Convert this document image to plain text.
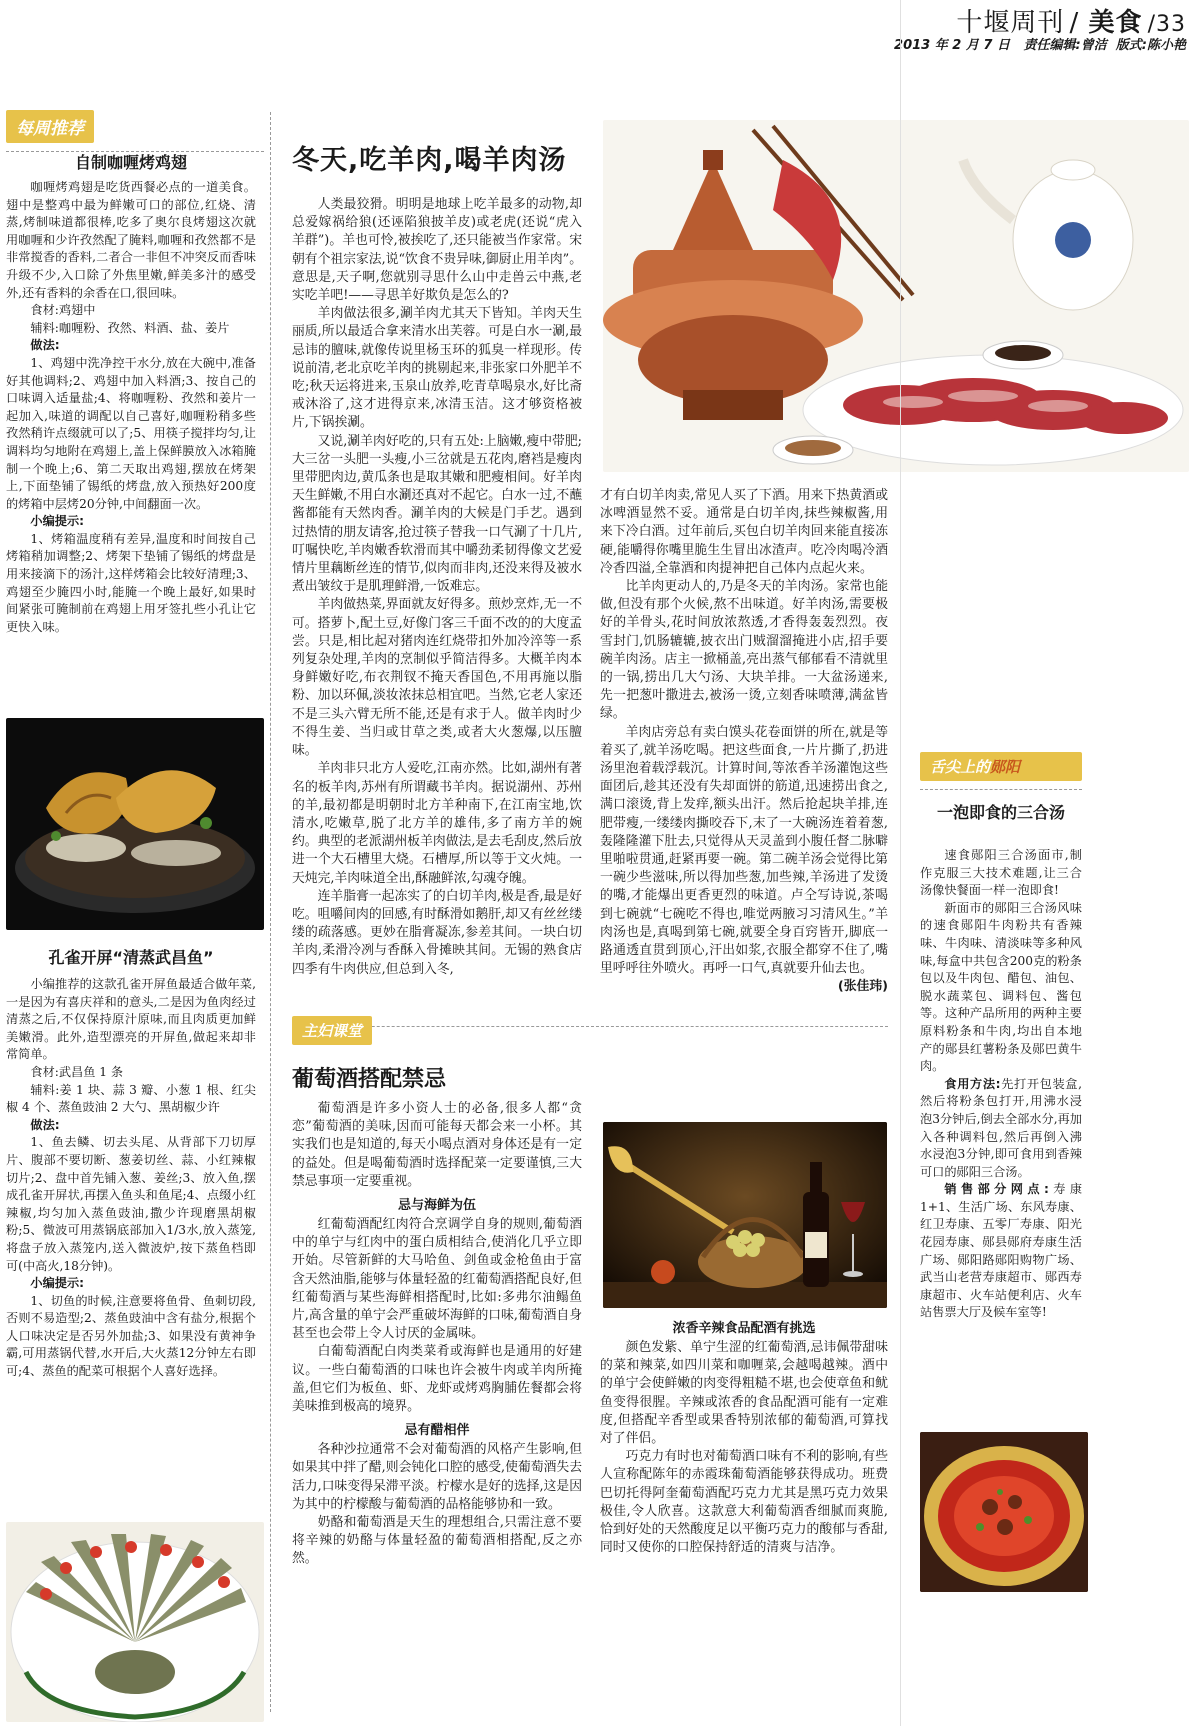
十堰周刊 / 美食 /33
2013 年 2 月 7 日 责任编辑:曾洁 版式:陈小艳
每周推荐
自制咖喱烤鸡翅

咖喱烤鸡翅是吃货西餐必点的一道美食。翅中是整鸡中最为鲜嫩可口的部位,红烧、清蒸,烤制味道都很棒,吃多了奥尔良烤翅这次就用咖喱和少许孜然配了腌料,咖喱和孜然都不是非常搅香的香料,二者合一非但不冲突反而香味升级不少,入口除了外焦里嫩,鲜美多汁的感受外,还有香料的余香在口,很回味。

食材:鸡翅中

辅料:咖喱粉、孜然、料酒、盐、姜片

做法:

1、鸡翅中洗净控干水分,放在大碗中,准备好其他调料;2、鸡翅中加入料酒;3、按自己的口味调入适量盐;4、将咖喱粉、孜然和姜片一起加入,味道的调配以自己喜好,咖喱粉稍多些孜然稍许点缀就可以了;5、用筷子搅拌均匀,让调料均匀地附在鸡翅上,盖上保鲜膜放入冰箱腌制一个晚上;6、第二天取出鸡翅,摆放在烤架上,下面垫铺了锡纸的烤盘,放入预热好200度的烤箱中层烤20分钟,中间翻面一次。

小编提示:

1、烤箱温度稍有差异,温度和时间按自己烤箱稍加调整;2、烤架下垫铺了锡纸的烤盘是用来接滴下的汤汁,这样烤箱会比较好清理;3、鸡翅至少腌四小时,能腌一个晚上最好,如果时间紧张可腌制前在鸡翅上用牙签扎些小孔让它更快入味。

孔雀开屏“清蒸武昌鱼”

小编推荐的这款孔雀开屏鱼最适合做年菜,一是因为有喜庆祥和的意头,二是因为鱼肉经过清蒸之后,不仅保持原汁原味,而且肉质更加鲜美嫩滑。此外,造型漂亮的开屏鱼,做起来却非常简单。

食材:武昌鱼 1 条

辅料:姜 1 块、蒜 3 瓣、小葱 1 根、红尖椒 4 个、蒸鱼豉油 2 大勺、黑胡椒少许

做法:

1、鱼去鳞、切去头尾、从背部下刀切厚片、腹部不要切断、葱姜切丝、蒜、小红辣椒切片;2、盘中首先铺入葱、姜丝;3、放入鱼,摆成孔雀开屏状,再摆入鱼头和鱼尾;4、点缀小红辣椒,均匀加入蒸鱼豉油,撒少许现磨黑胡椒粉;5、微波可用蒸锅底部加入1/3水,放入蒸笼,将盘子放入蒸笼内,送入微波炉,按下蒸鱼档即可(中高火,18分钟)。

小编提示:

1、切鱼的时候,注意要将鱼骨、鱼刺切段,否则不易造型;2、蒸鱼豉油中含有盐分,根据个人口味决定是否另外加盐;3、如果没有黄神争霸,可用蒸锅代替,水开后,大火蒸12分钟左右即可;4、蒸鱼的配菜可根据个人喜好选择。

冬天,吃羊肉,喝羊肉汤

人类最狡猾。明明是地球上吃羊最多的动物,却总爱嫁祸给狼(还诬陷狼披羊皮)或老虎(还说“虎入羊群”)。羊也可怜,被挨吃了,还只能被当作家常。宋朝有个祖宗家法,说“饮食不贵异味,御厨止用羊肉”。意思是,天子啊,您就别寻思什么山中走兽云中燕,老实吃羊吧!——寻思羊好欺负是怎么的?

羊肉做法很多,涮羊肉尤其天下皆知。羊肉天生丽质,所以最适合拿来清水出芙蓉。可是白水一涮,最忌讳的膻味,就像传说里杨玉环的狐臭一样现形。传说前清,老北京吃羊肉的挑剔起来,非张家口外肥羊不吃;秋天运将进来,玉泉山放养,吃青草喝泉水,好比斋戒沐浴了,这才进得京来,冰清玉洁。这才够资格被片,下锅挨涮。

又说,涮羊肉好吃的,只有五处:上脑嫩,瘦中带肥;大三岔一头肥一头瘦,小三岔就是五花肉,磨裆是瘦肉里带肥肉边,黄瓜条也是取其嫩和肥瘦相间。好羊肉天生鲜嫩,不用白水涮还真对不起它。白水一过,不蘸酱都能有天然肉香。涮羊肉的大候是门手艺。遇到过热情的朋友请客,抢过筷子替我一口气涮了十几片,叮嘱快吃,羊肉嫩香软滑而其中嚼劲柔韧得像文艺爱情片里藕断丝连的情节,似肉而非肉,还没来得及被水煮出皱纹于是肌理鲜滑,一饭难忘。

羊肉做热菜,界面就友好得多。煎炒烹炸,无一不可。搭萝卜,配土豆,好像门客三千面不改的的大度孟尝。只是,相比起对猪肉连红烧带扣外加冷淬等一系列复杂处理,羊肉的烹制似乎简洁得多。大概羊肉本身鲜嫩好吃,布衣荆钗不掩天香国色,不用再施以脂粉、加以环佩,淡妆浓抹总相宜吧。当然,它老人家还不是三头六臂无所不能,还是有求于人。做羊肉时少不得生姜、当归或甘草之类,或者大火葱爆,以压膻味。

羊肉非只北方人爱吃,江南亦然。比如,湖州有著名的板羊肉,苏州有所谓藏书羊肉。据说湖州、苏州的羊,最初都是明朝时北方羊种南下,在江南宝地,饮清水,吃嫩草,脱了北方羊的雄伟,多了南方羊的婉约。典型的老派湖州板羊肉做法,是去毛刮皮,然后放进一个大石槽里大烧。石槽厚,所以等于文火炖。一天炖完,羊肉味道全出,酥融鲜浓,勾魂夺魄。

连羊脂膏一起冻实了的白切羊肉,极是香,最是好吃。咀嚼间肉的回感,有时酥滑如鹅肝,却又有丝丝缕缕的疏落感。更妙在脂膏凝冻,参差其间。一块白切羊肉,柔滑冷冽与香酥入骨摊映其间。无锡的熟食店四季有牛肉供应,但总到入冬,

才有白切羊肉卖,常见人买了下酒。用来下热黄酒或冰啤酒显然不妥。通常是白切羊肉,抹些辣椒酱,用来下冷白酒。过年前后,买包白切羊肉回来能直接冻硬,能嚼得你嘴里脆生生冒出冰渣声。吃冷肉喝冷酒冷香四溢,全靠酒和肉提神把自己体内点起火来。

比羊肉更动人的,乃是冬天的羊肉汤。家常也能做,但没有那个火候,熬不出味道。好羊肉汤,需要极好的羊骨头,花时间放浓熬透,才香得轰轰烈烈。夜雪封门,饥肠辘辘,披衣出门贼溜溜掩进小店,招手要碗羊肉汤。店主一掀桶盖,亮出蒸气郁郁看不清就里的一锅,捞出几大勺汤、大块羊排。一大盆汤递来,先一把葱叶撒进去,被汤一烫,立刻香味喷薄,满盆皆绿。

羊肉店旁总有卖白馍头花卷面饼的所在,就是等着买了,就羊汤吃喝。把这些面食,一片片撕了,扔进汤里泡着载浮载沉。计算时间,等浓香羊汤灌饱这些面团后,趁其还没有失却面饼的筋道,迅速捞出食之,满口滚烫,背上发痒,额头出汗。然后抢起块羊排,连肥带瘦,一缕缕肉撕咬吞下,末了一大碗汤连着着葱,轰隆隆灌下肚去,只觉得从天灵盖到小腹任督二脉噼里啪啦贯通,赶紧再要一碗。第二碗羊汤会觉得比第一碗少些滋味,所以得加些葱,加些辣,羊汤进了发烫的嘴,才能爆出更香更烈的味道。卢仝写诗说,茶喝到七碗就“七碗吃不得也,唯觉两腋习习清风生。”羊肉汤也是,真喝到第七碗,就要全身百窍皆开,脚底一路通透直贯到顶心,汗出如浆,衣服全都穿不住了,嘴里呼呼往外喷火。再呼一口气,真就要升仙去也。

(张佳玮)

主妇课堂
葡萄酒搭配禁忌

葡萄酒是许多小资人士的必备,很多人都“贪恋”葡萄酒的美味,因而可能每天都会来一小杯。其实我们也是知道的,每天小喝点酒对身体还是有一定的益处。但是喝葡萄酒时选择配菜一定要谨慎,三大禁忌事项一定要重视。

忌与海鲜为伍

红葡萄酒配红肉符合烹调学自身的规则,葡萄酒中的单宁与红肉中的蛋白质相结合,使消化几乎立即开始。尽管新鲜的大马哈鱼、剑鱼或金枪鱼由于富含天然油脂,能够与体量轻盈的红葡萄酒搭配良好,但红葡萄酒与某些海鲜相搭配时,比如:多弗尔油鳎鱼片,高含量的单宁会严重破坏海鲜的口味,葡萄酒自身甚至也会带上令人讨厌的金属味。

白葡萄酒配白肉类菜肴或海鲜也是通用的好建议。一些白葡萄酒的口味也许会被牛肉或羊肉所掩盖,但它们为板鱼、虾、龙虾或烤鸡胸脯佐餐都会将美味推到极高的境界。

忌有醋相伴

各种沙拉通常不会对葡萄酒的风格产生影响,但如果其中拌了醋,则会钝化口腔的感受,使葡萄酒失去活力,口味变得呆滞平淡。柠檬水是好的选择,这是因为其中的柠檬酸与葡萄酒的品格能够协和一致。

奶酪和葡萄酒是天生的理想组合,只需注意不要将辛辣的奶酪与体量轻盈的葡萄酒相搭配,反之亦然。

浓香辛辣食品配酒有挑选

颜色发紫、单宁生涩的红葡萄酒,忌讳佩带甜味的菜和辣菜,如四川菜和咖喱菜,会越喝越辣。酒中的单宁会使鲜嫩的肉变得粗糙不堪,也会使章鱼和鱿鱼变得很腥。辛辣或浓香的食品配酒可能有一定难度,但搭配辛香型或果香特别浓郁的葡萄酒,可算找对了伴侣。

巧克力有时也对葡萄酒口味有不利的影响,有些人宣称配陈年的赤霞珠葡萄酒能够获得成功。班费巴切托得阿奎葡萄酒配巧克力尤其是黑巧克力效果极佳,令人欣喜。这款意大利葡萄酒香细腻而爽脆,恰到好处的天然酸度足以平衡巧克力的酸郁与香甜,同时又使你的口腔保持舒适的清爽与洁净。

舌尖上的郧阳
一泡即食的三合汤

速食郧阳三合汤面市,制作克服三大技术难题,让三合汤像快餐面一样一泡即食!

新面市的郧阳三合汤风味的速食郧阳牛肉粉共有香辣味、牛肉味、清淡味等多种风味,每盒中共包含200克的粉条包以及牛肉包、醋包、油包、脱水蔬菜包、调料包、酱包等。这种产品所用的两种主要原料粉条和牛肉,均出自本地产的郧县红薯粉条及郧巴黄牛肉。

食用方法:先打开包装盒,然后将粉条包打开,用沸水浸泡3分钟后,倒去全部水分,再加入各种调料包,然后再倒入沸水浸泡3分钟,即可食用到香辣可口的郧阳三合汤。

销售部分网点:寿康1+1、生活广场、东风寿康、红卫寿康、五零厂寿康、阳光花园寿康、郧县郧府寿康生活广场、郧阳路郧阳购物广场、武当山老营寿康超市、郧西寿康超市、火车站便利店、火车站售票大厅及候车室等!
